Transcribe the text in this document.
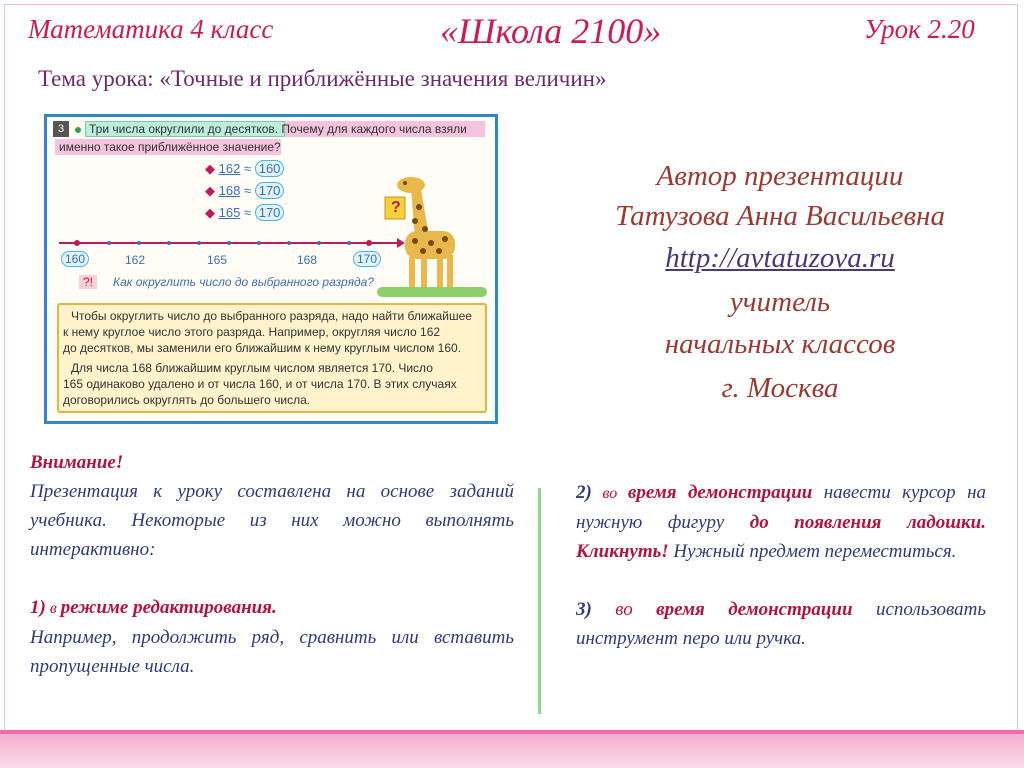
Математика 4 класс	«Школа 2100»	Урок 2.20
Тема урока: «Точные и приближённые значения величин»
3	Три числа округлили до десятков. Почему для каждого числа взяли
именно такое приближённое значение?
◆ 162 ≈ 160
◆ 168 ≈ 170
◆ 165 ≈ 170
160	162	165	168	170
?!	Как округлить число до выбранного разряда?
?
Чтобы округлить число до выбранного разряда, надо найти ближайшее
к нему круглое число этого разряда. Например, округляя число 162
до десятков, мы заменили его ближайшим к нему круглым числом 160.
Для числа 168 ближайшим круглым числом является 170. Число
165 одинаково удалено и от числа 160, и от числа 170. В этих случаях
договорились округлять до большего числа.
Автор презентации
Татузова Анна Васильевна
http://avtatuzova.ru
учитель
начальных классов
г. Москва
Внимание!
Презентация к уроку составлена на основе заданий учебника. Некоторые из них можно выполнять интерактивно:
1) в режиме редактирования.
Например, продолжить ряд, сравнить или вставить пропущенные числа.
2) во время демонстрации навести курсор на нужную фигуру до появления ладошки. Кликнуть! Нужный предмет переместиться.
3) во время демонстрации использовать инструмент перо или ручка.
